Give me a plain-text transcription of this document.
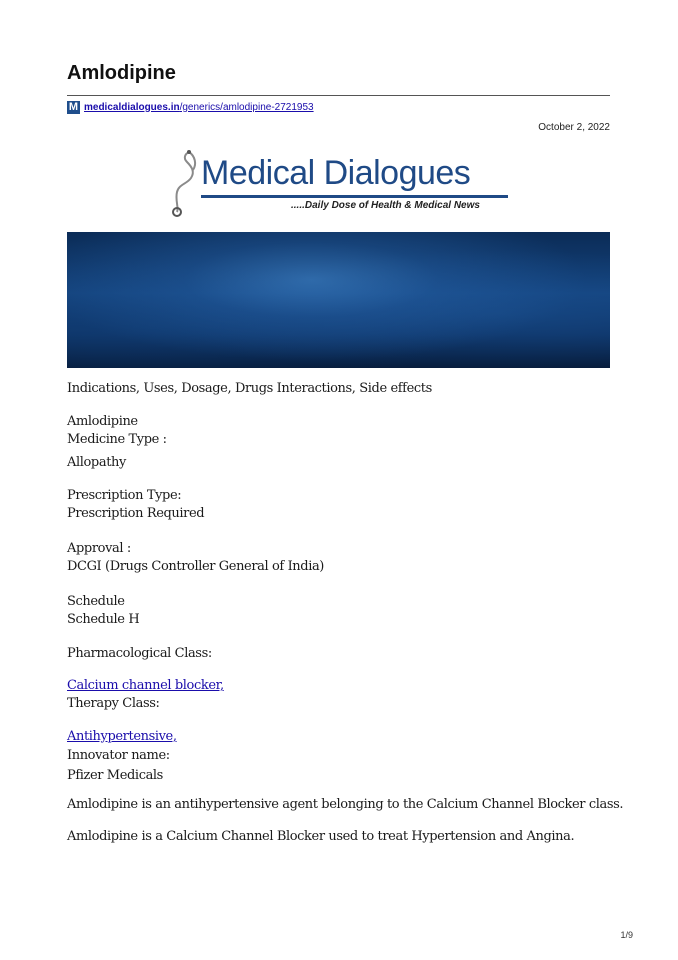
Amlodipine
M medicaldialogues.in/generics/amlodipine-2721953
October 2, 2022
Medical Dialogues
.....Daily Dose of Health & Medical News
Indications, Uses, Dosage, Drugs Interactions, Side effects
Amlodipine
Medicine Type :
Allopathy
Prescription Type:
Prescription Required
Approval :
DCGI (Drugs Controller General of India)
Schedule
Schedule H
Pharmacological Class:
Calcium channel blocker,
Therapy Class:
Antihypertensive,
Innovator name:
Pfizer Medicals
Amlodipine is an antihypertensive agent belonging to the Calcium Channel Blocker class.
Amlodipine is a Calcium Channel Blocker used to treat Hypertension and Angina.
1/9
